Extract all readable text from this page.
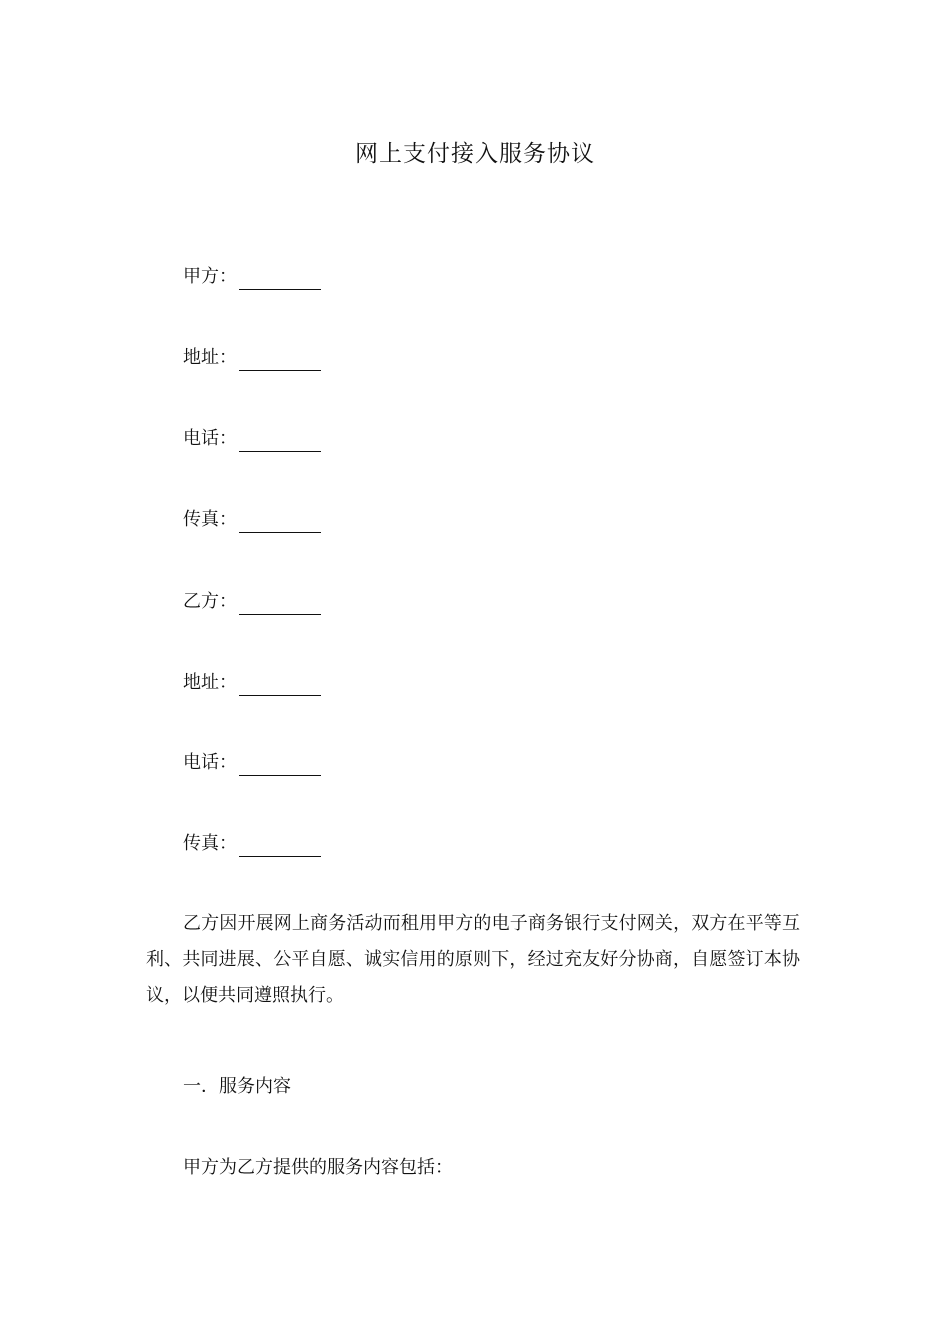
网上支付接入服务协议
甲方：
地址：
电话：
传真：
乙方：
地址：
电话：
传真：
乙方因开展网上商务活动而租用甲方的电子商务银行支付网关，双方在平等互利、共同进展、公平自愿、诚实信用的原则下，经过充友好分协商，自愿签订本协议，以便共同遵照执行。
一．服务内容
甲方为乙方提供的服务内容包括：
